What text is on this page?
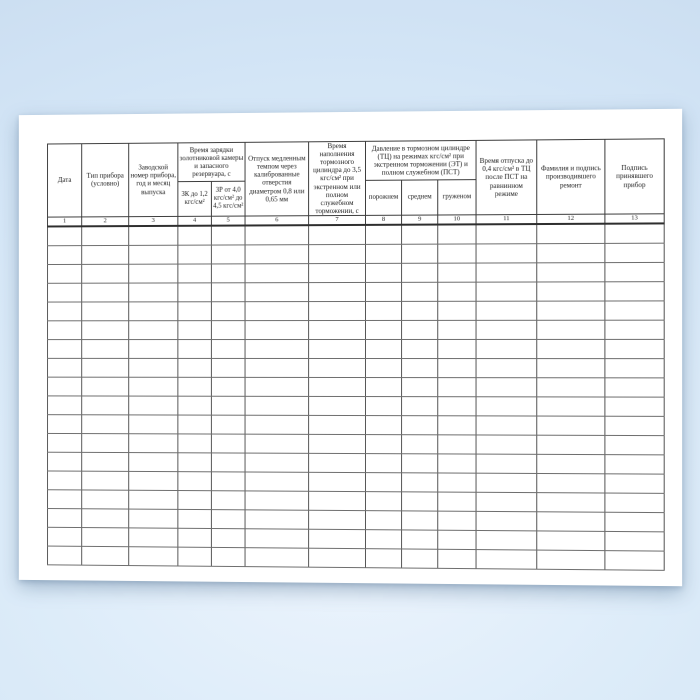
Дата	Тип прибора (условно)	Заводской номер прибора, год и месяц выпуска	Время зарядки золотниковой камеры и запасного резервуара, с		Отпуск медленным темпом через калиброванные отверстия диаметром 0,8 или 0,65 мм	Время наполнения тормозного цилиндра до 3,5 кгс/см² при экстренном или полном служебном торможении, с	Давление в тормозном цилиндре (ТЦ) на режимах кгс/см² при экстренном торможении (ЭТ) и полном служебном (ПСТ)			Время отпуска до 0,4 кгс/см² в ТЦ после ПСТ на равнинном режиме	Фамилия и подпись производившего ремонт	Подпись принявшего прибор
			ЗК до 1,2 кгс/см²	ЗР от 4,0 кгс/см² до 4,5 кгс/см²			порожнем	среднем	груженом			
1	2	3	4	5	6	7	8	9	10	11	12	13
